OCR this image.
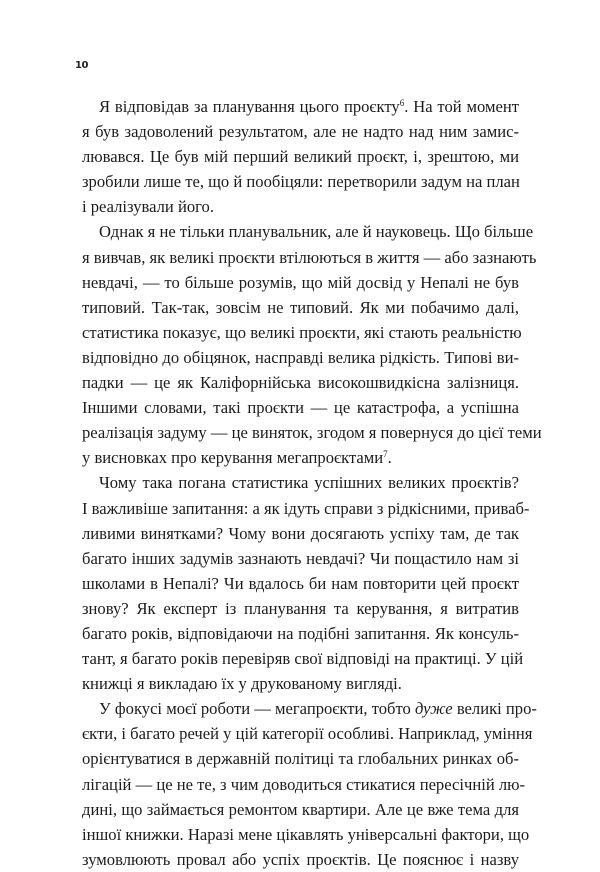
10
Я відповідав за планування цього проєкту$^6$. На той момент
я був задоволений результатом, але не надто над ним замис-
лювався. Це був мій перший великий проєкт, і, зрештою, ми
зробили лише те, що й пообіцяли: перетворили задум на план
і реалізували його.
Однак я не тільки планувальник, але й науковець. Що більше
я вивчав, як великі проєкти втілюються в життя — або зазнають
невдачі, — то більше розумів, що мій досвід у Непалі не був
типовий. Так-так, зовсім не типовий. Як ми побачимо далі,
статистика показує, що великі проєкти, які стають реальністю
відповідно до обіцянок, насправді велика рідкість. Типові ви-
падки — це як Каліфорнійська високошвидкісна залізниця.
Іншими словами, такі проєкти — це катастрофа, а успішна
реалізація задуму — це виняток, згодом я повернуся до цієї теми
у висновках про керування мегапроєктами$^7$.
Чому така погана статистика успішних великих проєктів?
І важливіше запитання: а як ідуть справи з рідкісними, приваб-
ливими винятками? Чому вони досягають успіху там, де так
багато інших задумів зазнають невдачі? Чи пощастило нам зі
школами в Непалі? Чи вдалось би нам повторити цей проєкт
знову? Як експерт із планування та керування, я витратив
багато років, відповідаючи на подібні запитання. Як консуль-
тант, я багато років перевіряв свої відповіді на практиці. У цій
книжці я викладаю їх у друкованому вигляді.
У фокусі моєї роботи — мегапроєкти, тобто дуже великі про-
єкти, і багато речей у цій категорії особливі. Наприклад, уміння
орієнтуватися в державній політиці та глобальних ринках об-
лігацій — це не те, з чим доводиться стикатися пересічній лю-
дині, що займається ремонтом квартири. Але це вже тема для
іншої книжки. Наразі мене цікавлять універсальні фактори, що
зумовлюють провал або успіх проєктів. Це пояснює і назву
